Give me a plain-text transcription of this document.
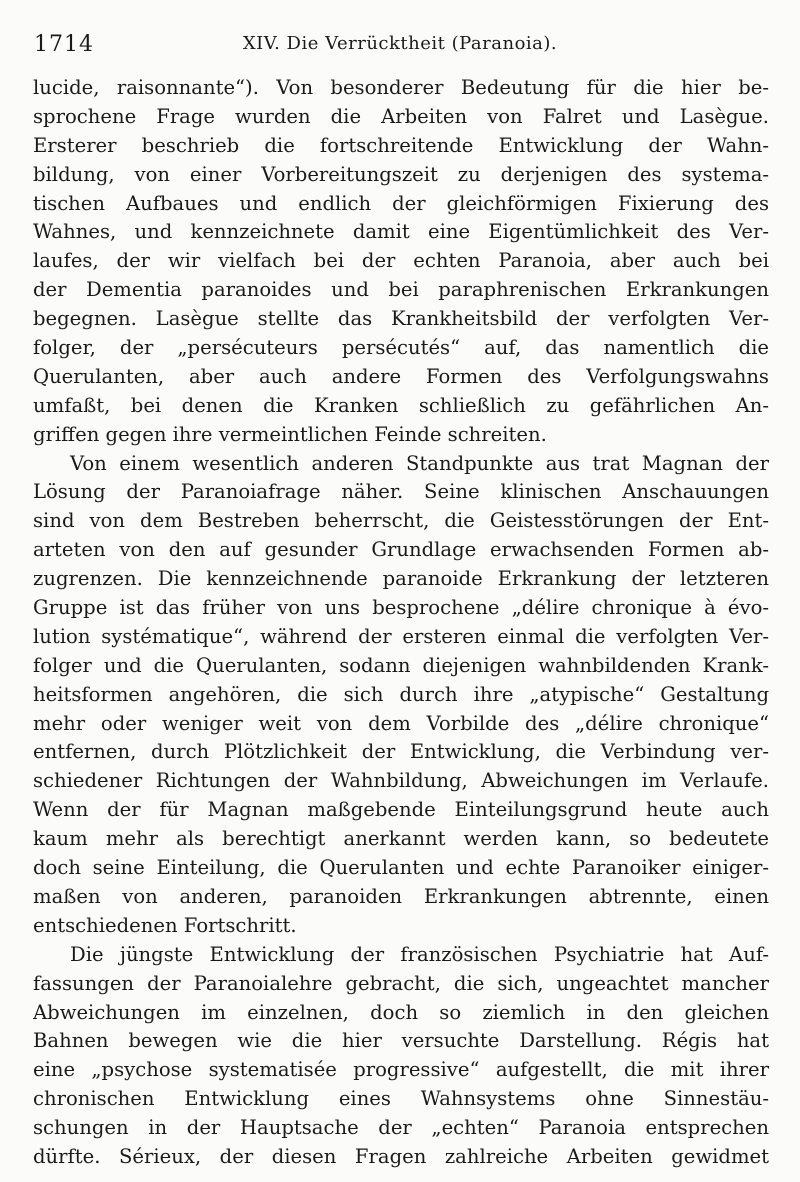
1714	XIV. Die Verrücktheit (Paranoia).
lucide, raisonnante“). Von besonderer Bedeutung für die hier be-
sprochene Frage wurden die Arbeiten von Falret und Lasègue.
Ersterer beschrieb die fortschreitende Entwicklung der Wahn-
bildung, von einer Vorbereitungszeit zu derjenigen des systema-
tischen Aufbaues und endlich der gleichförmigen Fixierung des
Wahnes, und kennzeichnete damit eine Eigentümlichkeit des Ver-
laufes, der wir vielfach bei der echten Paranoia, aber auch bei
der Dementia paranoides und bei paraphrenischen Erkrankungen
begegnen. Lasègue stellte das Krankheitsbild der verfolgten Ver-
folger, der „persécuteurs persécutés“ auf, das namentlich die
Querulanten, aber auch andere Formen des Verfolgungswahns
umfaßt, bei denen die Kranken schließlich zu gefährlichen An-
griffen gegen ihre vermeintlichen Feinde schreiten.
Von einem wesentlich anderen Standpunkte aus trat Magnan der
Lösung der Paranoiafrage näher. Seine klinischen Anschauungen
sind von dem Bestreben beherrscht, die Geistesstörungen der Ent-
arteten von den auf gesunder Grundlage erwachsenden Formen ab-
zugrenzen. Die kennzeichnende paranoide Erkrankung der letzteren
Gruppe ist das früher von uns besprochene „délire chronique à évo-
lution systématique“, während der ersteren einmal die verfolgten Ver-
folger und die Querulanten, sodann diejenigen wahnbildenden Krank-
heitsformen angehören, die sich durch ihre „atypische“ Gestaltung
mehr oder weniger weit von dem Vorbilde des „délire chronique“
entfernen, durch Plötzlichkeit der Entwicklung, die Verbindung ver-
schiedener Richtungen der Wahnbildung, Abweichungen im Verlaufe.
Wenn der für Magnan maßgebende Einteilungsgrund heute auch
kaum mehr als berechtigt anerkannt werden kann, so bedeutete
doch seine Einteilung, die Querulanten und echte Paranoiker einiger-
maßen von anderen, paranoiden Erkrankungen abtrennte, einen
entschiedenen Fortschritt.
Die jüngste Entwicklung der französischen Psychiatrie hat Auf-
fassungen der Paranoialehre gebracht, die sich, ungeachtet mancher
Abweichungen im einzelnen, doch so ziemlich in den gleichen
Bahnen bewegen wie die hier versuchte Darstellung. Régis hat
eine „psychose systematisée progressive“ aufgestellt, die mit ihrer
chronischen Entwicklung eines Wahnsystems ohne Sinnestäu-
schungen in der Hauptsache der „echten“ Paranoia entsprechen
dürfte. Sérieux, der diesen Fragen zahlreiche Arbeiten gewidmet
